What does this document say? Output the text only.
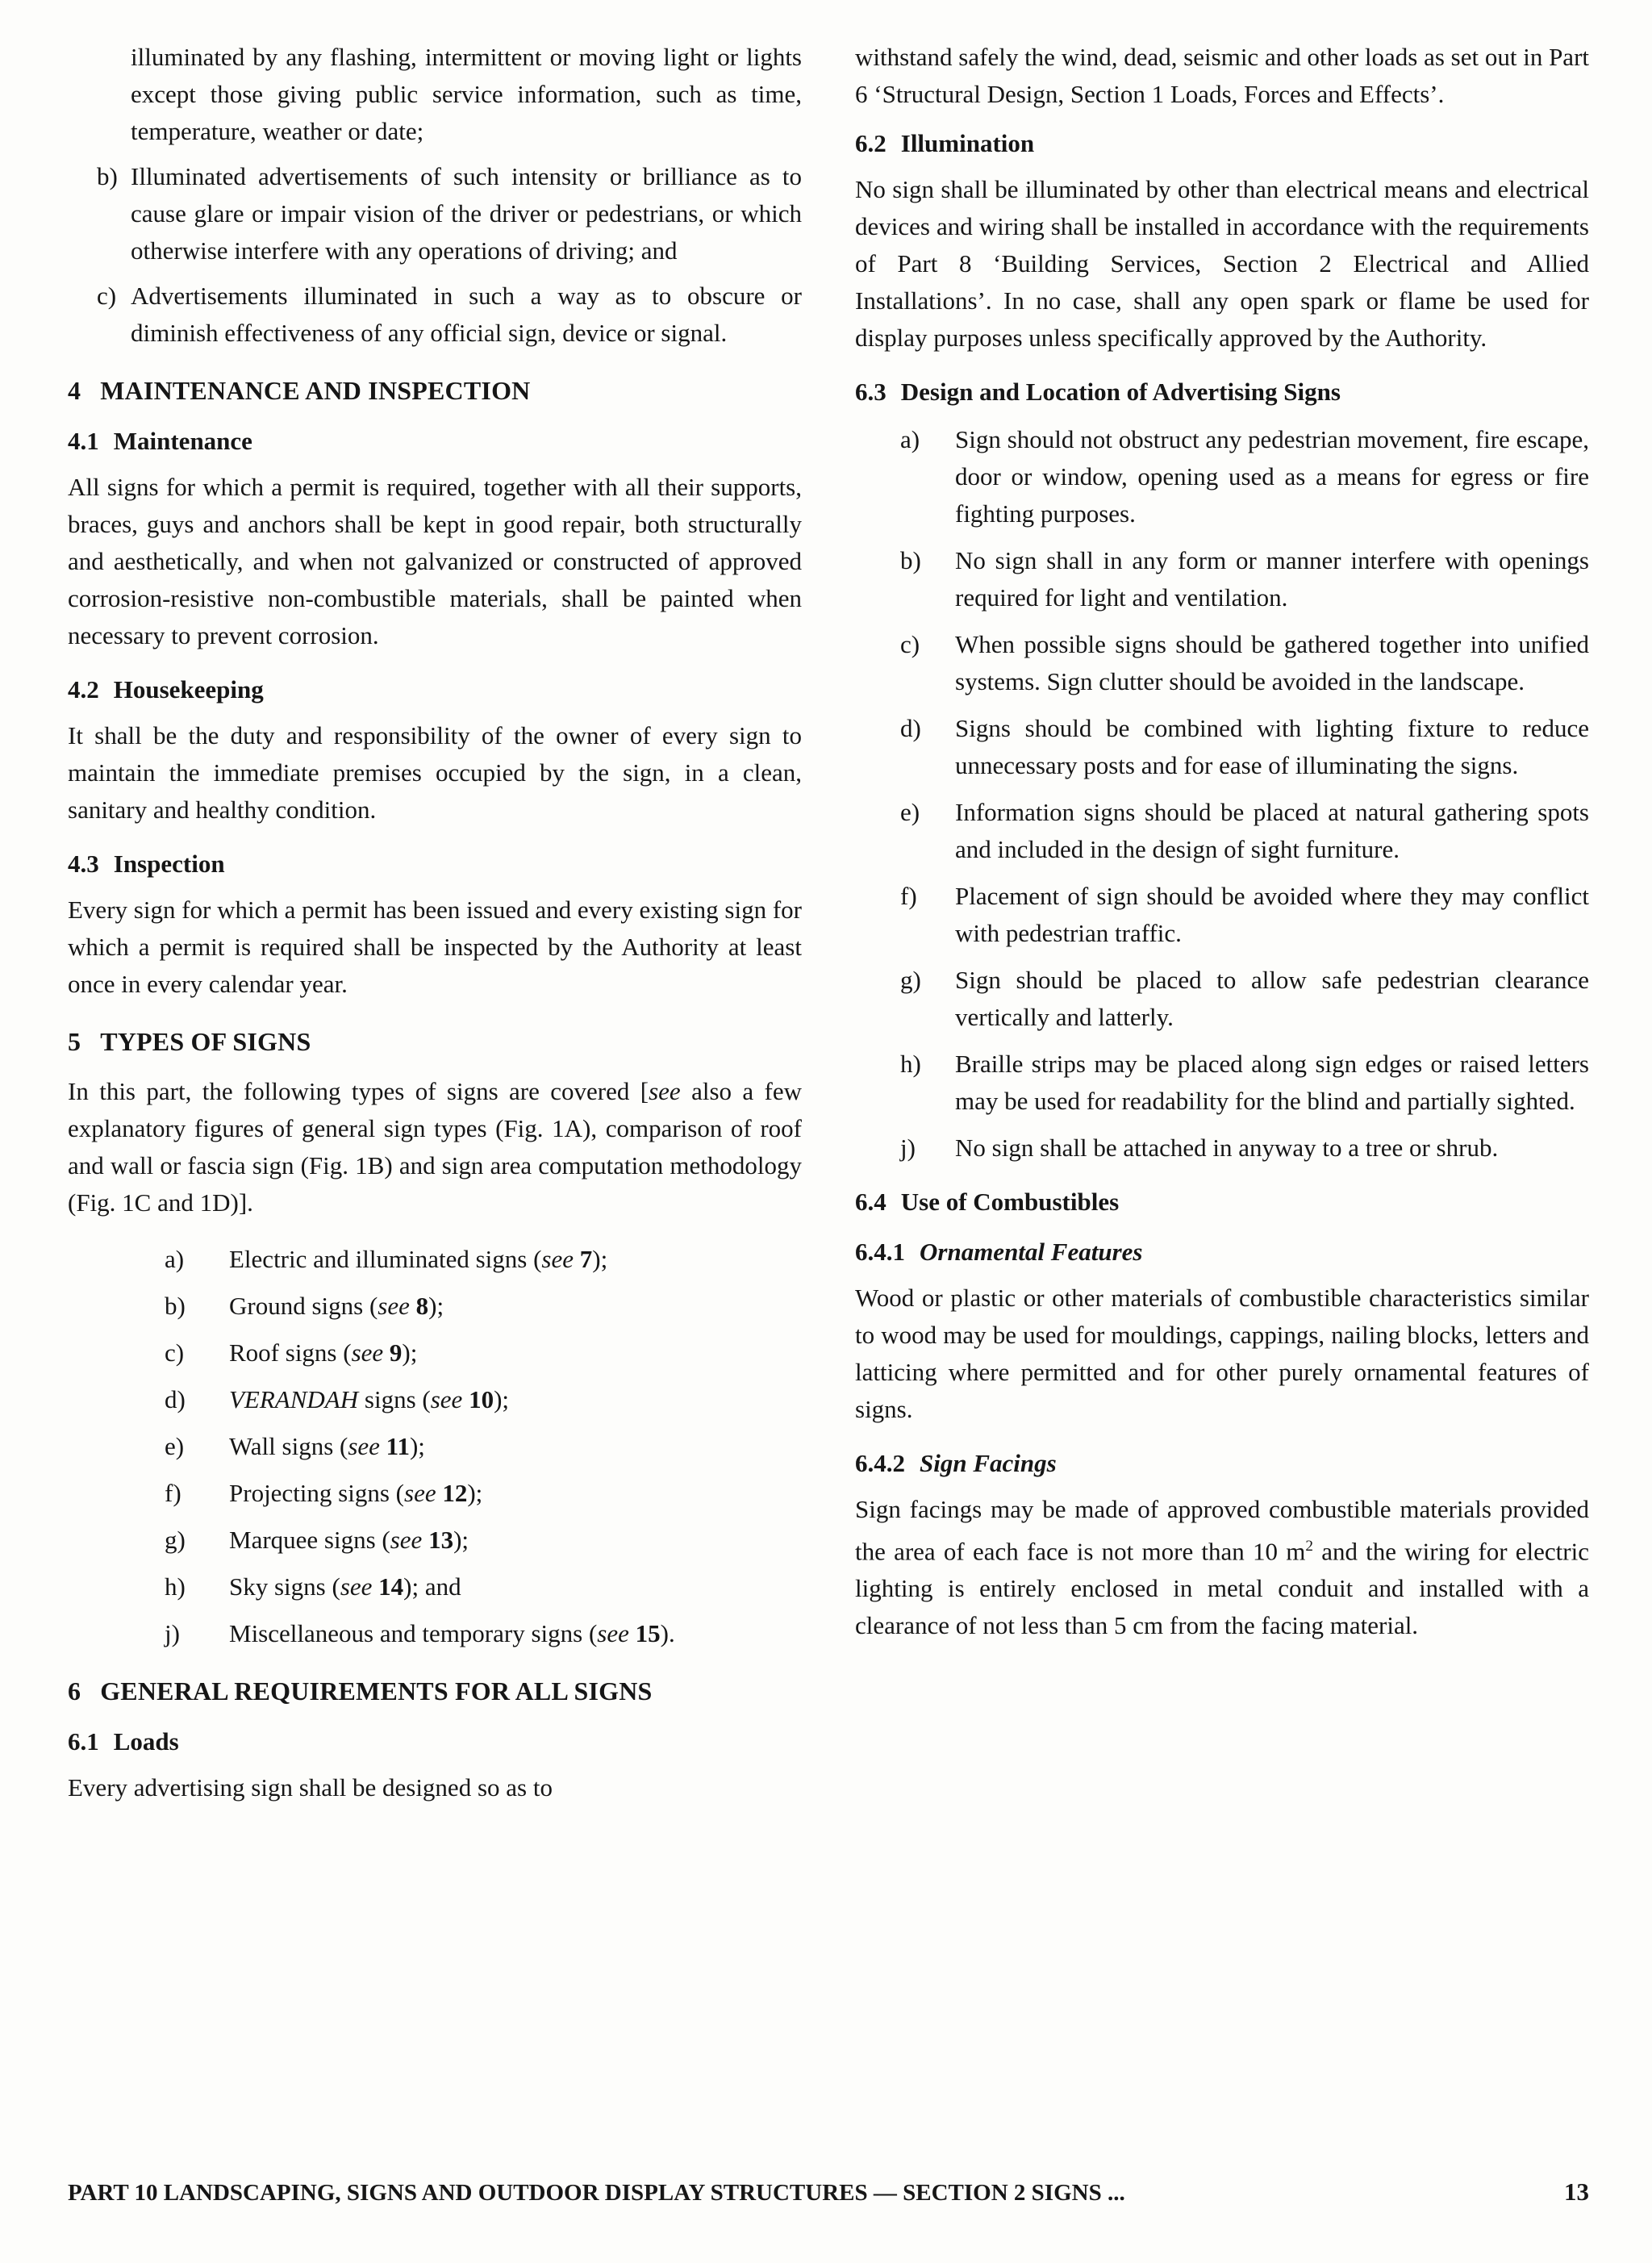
illuminated by any flashing, intermittent or moving light or lights except those giving public service information, such as time, temperature, weather or date;
b) Illuminated advertisements of such intensity or brilliance as to cause glare or impair vision of the driver or pedestrians, or which otherwise interfere with any operations of driving; and
c) Advertisements illuminated in such a way as to obscure or diminish effectiveness of any official sign, device or signal.
4 MAINTENANCE AND INSPECTION
4.1 Maintenance
All signs for which a permit is required, together with all their supports, braces, guys and anchors shall be kept in good repair, both structurally and aesthetically, and when not galvanized or constructed of approved corrosion-resistive non-combustible materials, shall be painted when necessary to prevent corrosion.
4.2 Housekeeping
It shall be the duty and responsibility of the owner of every sign to maintain the immediate premises occupied by the sign, in a clean, sanitary and healthy condition.
4.3 Inspection
Every sign for which a permit has been issued and every existing sign for which a permit is required shall be inspected by the Authority at least once in every calendar year.
5 TYPES OF SIGNS
In this part, the following types of signs are covered [see also a few explanatory figures of general sign types (Fig. 1A), comparison of roof and wall or fascia sign (Fig. 1B) and sign area computation methodology (Fig. 1C and 1D)].
a)	Electric and illuminated signs (see 7);
b)	Ground signs (see 8);
c)	Roof signs (see 9);
d)	VERANDAH signs (see 10);
e)	Wall signs (see 11);
f)	Projecting signs (see 12);
g)	Marquee signs (see 13);
h)	Sky signs (see 14); and
j)	Miscellaneous and temporary signs (see 15).
6 GENERAL REQUIREMENTS FOR ALL SIGNS
6.1 Loads
Every advertising sign shall be designed so as to
withstand safely the wind, dead, seismic and other loads as set out in Part 6 ‘Structural Design, Section 1 Loads, Forces and Effects’.
6.2 Illumination
No sign shall be illuminated by other than electrical means and electrical devices and wiring shall be installed in accordance with the requirements of Part 8 ‘Building Services, Section 2 Electrical and Allied Installations’. In no case, shall any open spark or flame be used for display purposes unless specifically approved by the Authority.
6.3 Design and Location of Advertising Signs
a)	Sign should not obstruct any pedestrian movement, fire escape, door or window, opening used as a means for egress or fire fighting purposes.
b)	No sign shall in any form or manner interfere with openings required for light and ventilation.
c)	When possible signs should be gathered together into unified systems. Sign clutter should be avoided in the landscape.
d)	Signs should be combined with lighting fixture to reduce unnecessary posts and for ease of illuminating the signs.
e)	Information signs should be placed at natural gathering spots and included in the design of sight furniture.
f)	Placement of sign should be avoided where they may conflict with pedestrian traffic.
g)	Sign should be placed to allow safe pedestrian clearance vertically and latterly.
h)	Braille strips may be placed along sign edges or raised letters may be used for readability for the blind and partially sighted.
j)	No sign shall be attached in anyway to a tree or shrub.
6.4 Use of Combustibles
6.4.1 Ornamental Features
Wood or plastic or other materials of combustible characteristics similar to wood may be used for mouldings, cappings, nailing blocks, letters and latticing where permitted and for other purely ornamental features of signs.
6.4.2 Sign Facings
Sign facings may be made of approved combustible materials provided the area of each face is not more than 10 $m^2$ and the wiring for electric lighting is entirely enclosed in metal conduit and installed with a clearance of not less than 5 cm from the facing material.
PART 10 LANDSCAPING, SIGNS AND OUTDOOR DISPLAY STRUCTURES — SECTION 2 SIGNS ...	13
